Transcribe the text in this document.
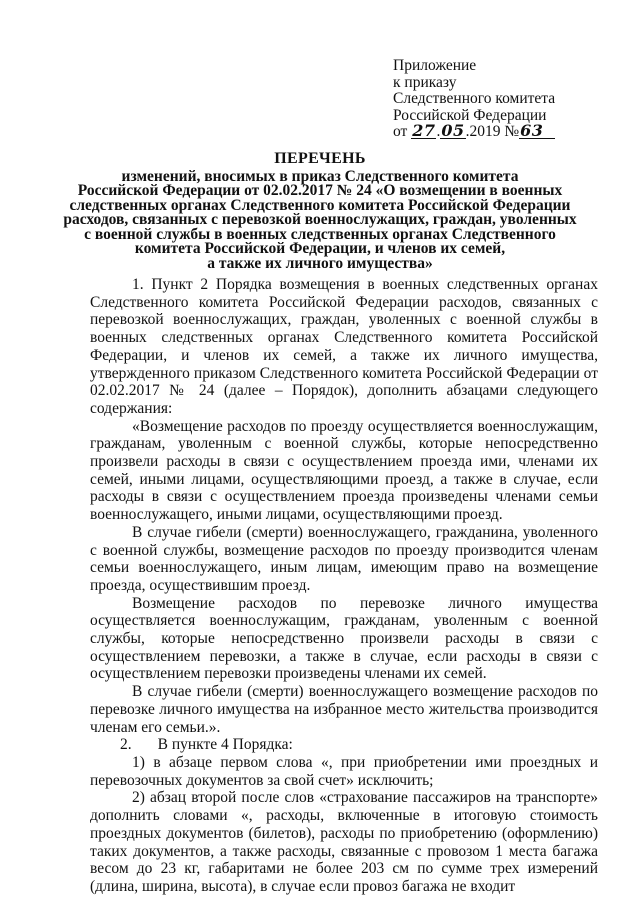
Приложение
к приказу
Следственного комитета
Российской Федерации
от 27.05.2019 №63
ПЕРЕЧЕНЬ
изменений, вносимых в приказ Следственного комитета
Российской Федерации от 02.02.2017 № 24 «О возмещении в военных
следственных органах Следственного комитета Российской Федерации
расходов, связанных с перевозкой военнослужащих, граждан, уволенных
с военной службы в военных следственных органах Следственного
комитета Российской Федерации, и членов их семей,
а также их личного имущества»

1. Пункт 2 Порядка возмещения в военных следственных органах Следственного комитета Российской Федерации расходов, связанных с перевозкой военнослужащих, граждан, уволенных с военной службы в военных следственных органах Следственного комитета Российской Федерации, и членов их семей, а также их личного имущества, утвержденного приказом Следственного комитета Российской Федерации от 02.02.2017 № 24 (далее – Порядок), дополнить абзацами следующего содержания:

«Возмещение расходов по проезду осуществляется военнослужащим, гражданам, уволенным с военной службы, которые непосредственно произвели расходы в связи с осуществлением проезда ими, членами их семей, иными лицами, осуществляющими проезд, а также в случае, если расходы в связи с осуществлением проезда произведены членами семьи военнослужащего, иными лицами, осуществляющими проезд.

В случае гибели (смерти) военнослужащего, гражданина, уволенного с военной службы, возмещение расходов по проезду производится членам семьи военнослужащего, иным лицам, имеющим право на возмещение проезда, осуществившим проезд.

Возмещение расходов по перевозке личного имущества осуществляется военнослужащим, гражданам, уволенным с военной службы, которые непосредственно произвели расходы в связи с осуществлением перевозки, а также в случае, если расходы в связи с осуществлением перевозки произведены членами их семей.

В случае гибели (смерти) военнослужащего возмещение расходов по перевозке личного имущества на избранное место жительства производится членам его семьи.».

2. В пункте 4 Порядка:

1) в абзаце первом слова «, при приобретении ими проездных и перевозочных документов за свой счет» исключить;

2) абзац второй после слов «страхование пассажиров на транспорте» дополнить словами «, расходы, включенные в итоговую стоимость проездных документов (билетов), расходы по приобретению (оформлению) таких документов, а также расходы, связанные с провозом 1 места багажа весом до 23 кг, габаритами не более 203 см по сумме трех измерений (длина, ширина, высота), в случае если провоз багажа не входит
